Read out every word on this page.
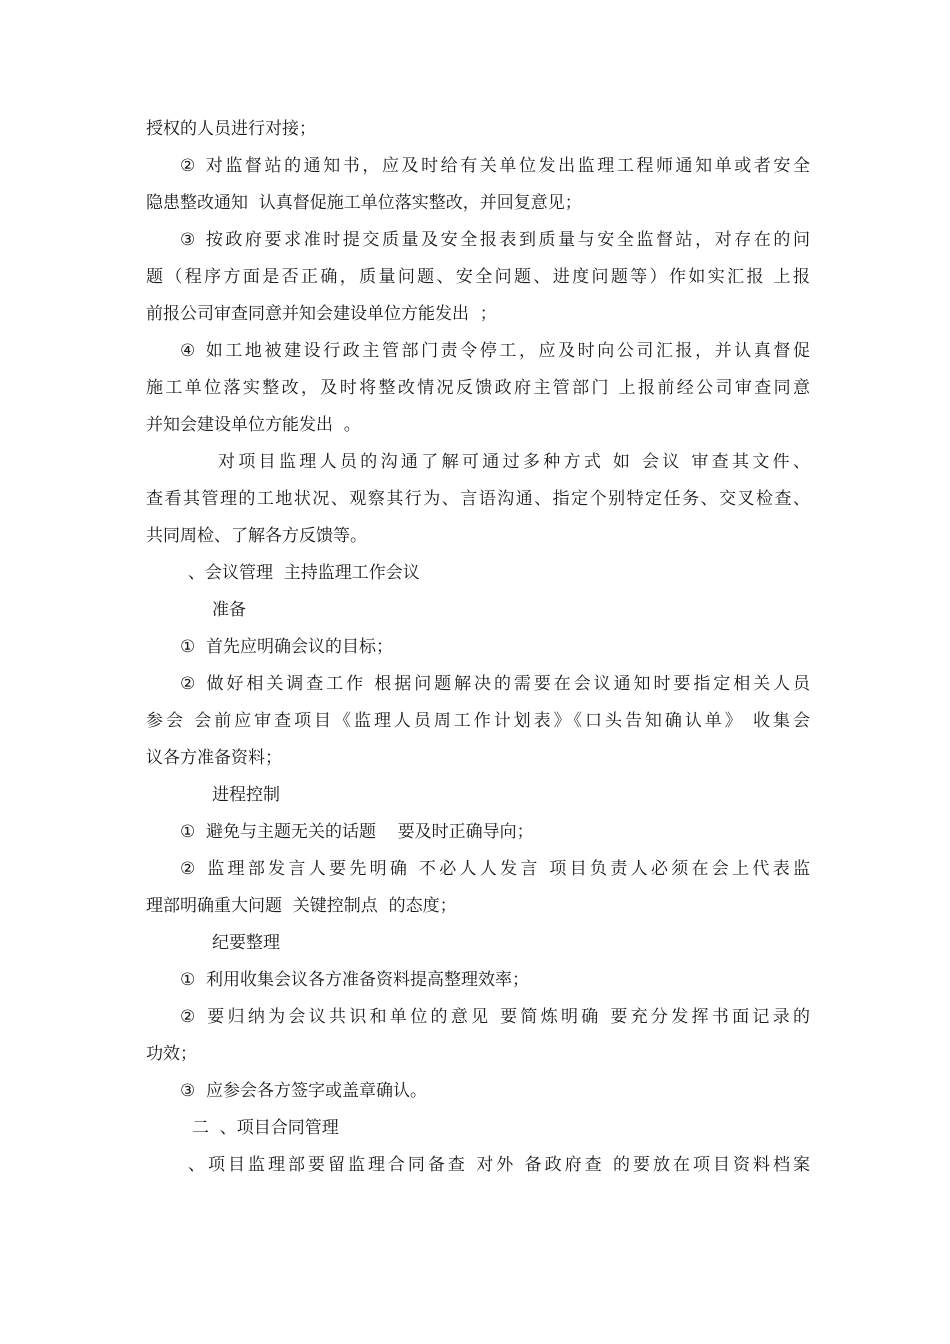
授权的人员进行对接；
② 对监督站的通知书，应及时给有关单位发出监理工程师通知单或者安全
隐患整改通知  认真督促施工单位落实整改，并回复意见；
③ 按政府要求准时提交质量及安全报表到质量与安全监督站，对存在的问
题（程序方面是否正确，质量问题、安全问题、进度问题等）作如实汇报 上报
前报公司审查同意并知会建设单位方能发出  ；
④ 如工地被建设行政主管部门责令停工，应及时向公司汇报，并认真督促
施工单位落实整改，及时将整改情况反馈政府主管部门 上报前经公司审查同意
并知会建设单位方能发出  。
对项目监理人员的沟通了解可通过多种方式 如 会议 审查其文件、
查看其管理的工地状况、观察其行为、言语沟通、指定个别特定任务、交叉检查、
共同周检、了解各方反馈等。
、会议管理  主持监理工作会议
准备
①  首先应明确会议的目标；
② 做好相关调查工作 根据问题解决的需要在会议通知时要指定相关人员
参会 会前应审查项目《监理人员周工作计划表》《口头告知确认单》 收集会
议各方准备资料；
进程控制
①  避免与主题无关的话题    要及时正确导向；
② 监理部发言人要先明确 不必人人发言 项目负责人必须在会上代表监
理部明确重大问题  关键控制点  的态度；
纪要整理
①  利用收集会议各方准备资料提高整理效率；
② 要归纳为会议共识和单位的意见 要简炼明确 要充分发挥书面记录的
功效；
③  应参会各方签字或盖章确认。
二  、项目合同管理
、项目监理部要留监理合同备查 对外 备政府查 的要放在项目资料档案
